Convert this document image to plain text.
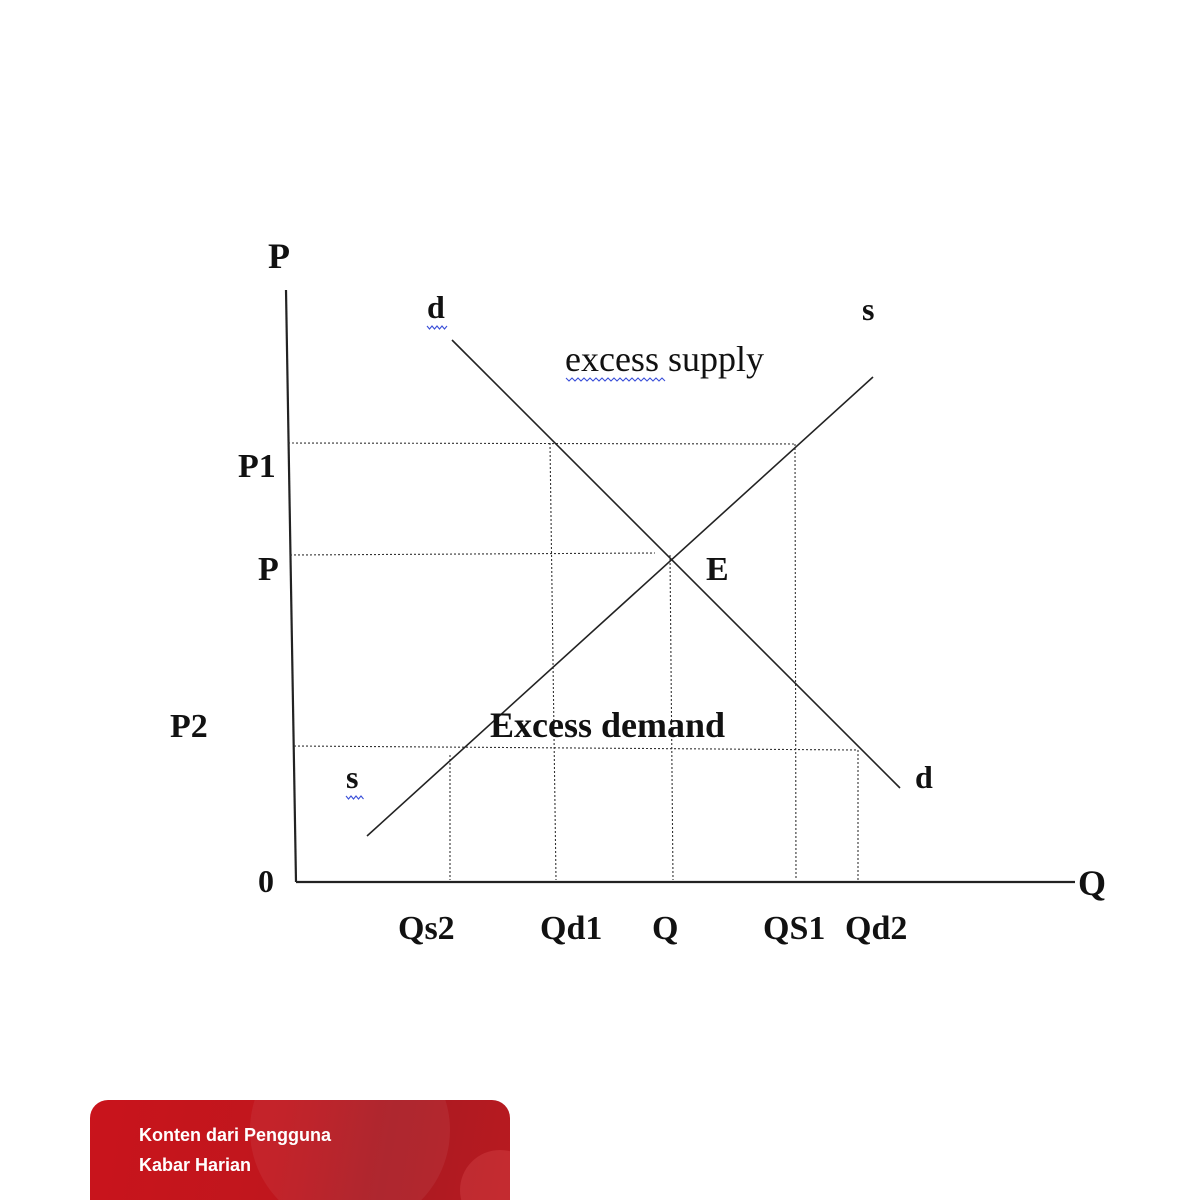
P
Q
0
P1
P
P2
Qs2	Qd1 Q QS1 Qd2
d	s
d
s
E
excess supply
Excess demand
Konten dari Pengguna
Kabar Harian
